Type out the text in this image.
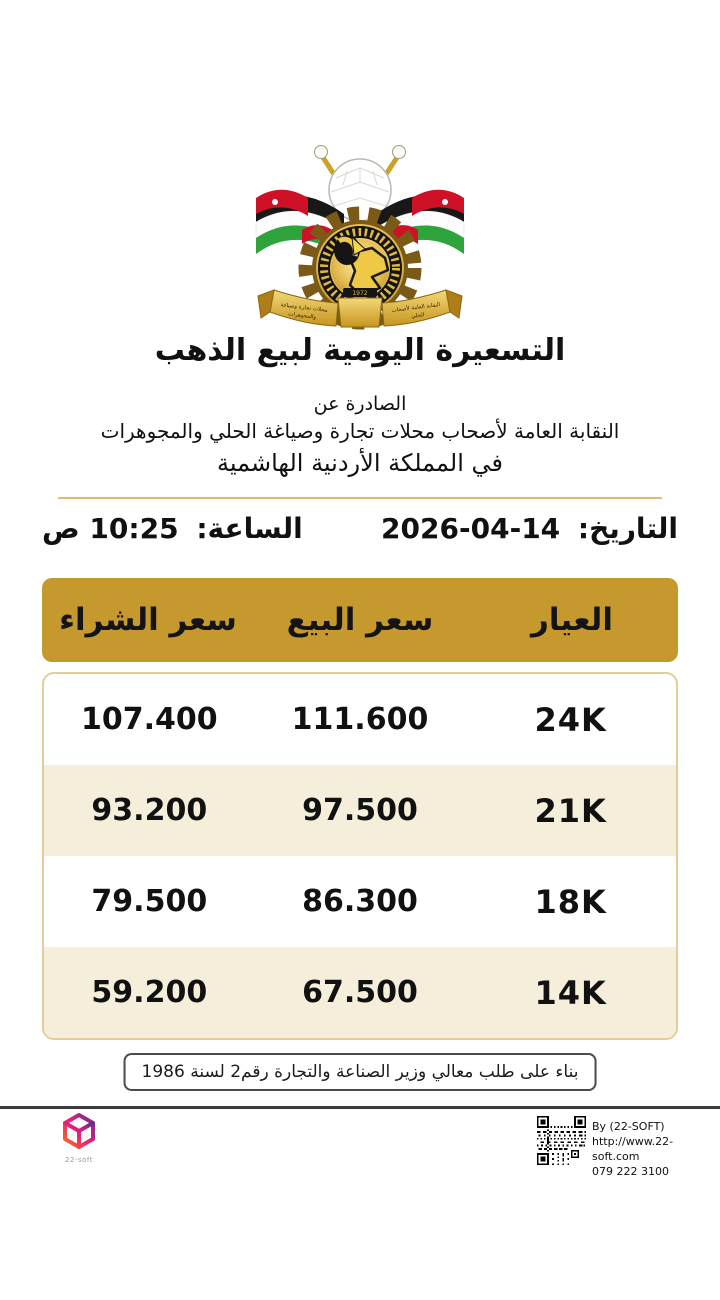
1972
محلات تجارة وصياغة
والمجوهرات
النقابة العامة لأصحاب
الحلي
التسعيرة اليومية لبيع الذهب
الصادرة عن
النقابة العامة لأصحاب محلات تجارة وصياغة الحلي والمجوهرات
في المملكة الأردنية الهاشمية
التاريخ: 14-04-2026
الساعة: 10:25 ص
العيار
سعر البيع
سعر الشراء
24K
111.600
107.400
21K
97.500
93.200
18K
86.300
79.500
14K
67.500
59.200
بناء على طلب معالي وزير الصناعة والتجارة رقم2 لسنة 1986
22-soft
By (22-SOFT)
http://www.22-soft.com
079 222 3100
